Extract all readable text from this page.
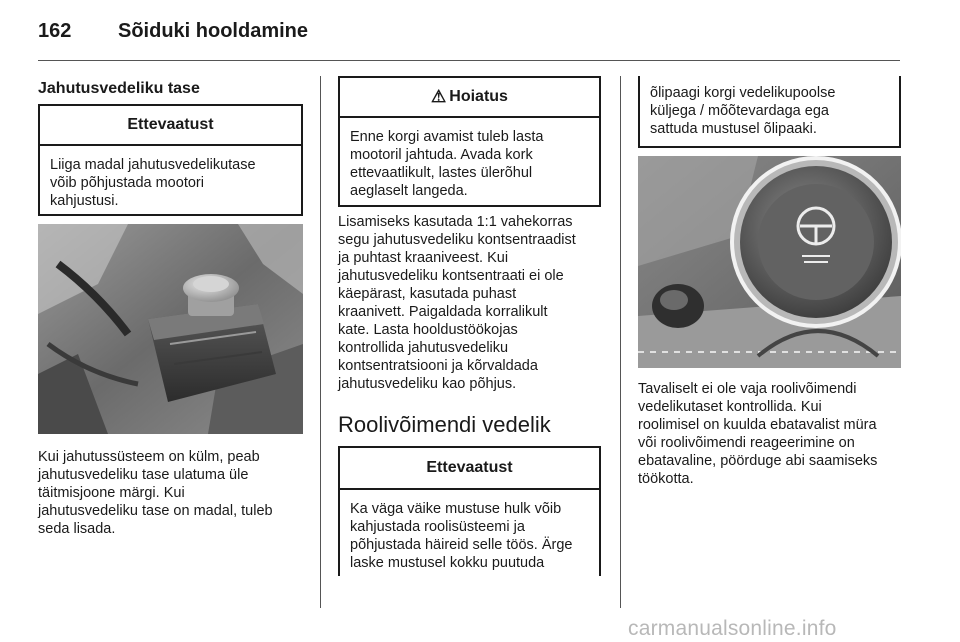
162 Sõiduki hooldamine
Jahutusvedeliku tase
Ettevaatust
Liiga madal jahutusvedelikutase
võib põhjustada mootori
kahjustusi.
Kui jahutussüsteem on külm, peab
jahutusvedeliku tase ulatuma üle
täitmisjoone märgi. Kui
jahutusvedeliku tase on madal, tuleb
seda lisada.
⚠ Hoiatus
Enne korgi avamist tuleb lasta
mootoril jahtuda. Avada kork
ettevaatlikult, lastes ülerõhul
aeglaselt langeda.
Lisamiseks kasutada 1:1 vahekorras
segu jahutusvedeliku kontsentraadist
ja puhtast kraaniveest. Kui
jahutusvedeliku kontsentraati ei ole
käepärast, kasutada puhast
kraanivett. Paigaldada korralikult
kate. Lasta hooldustöökojas
kontrollida jahutusvedeliku
kontsentratsiooni ja kõrvaldada
jahutusvedeliku kao põhjus.
Roolivõimendi vedelik
Ettevaatust
Ka väga väike mustuse hulk võib
kahjustada roolisüsteemi ja
põhjustada häireid selle töös. Ärge
laske mustusel kokku puutuda
õlipaagi korgi vedelikupoolse
küljega / mõõtevardaga ega
sattuda mustusel õlipaaki.
Tavaliselt ei ole vaja roolivõimendi
vedelikutaset kontrollida. Kui
roolimisel on kuulda ebatavalist müra
või roolivõimendi reageerimine on
ebatavaline, pöörduge abi saamiseks
töökotta.
carmanualsonline.info
